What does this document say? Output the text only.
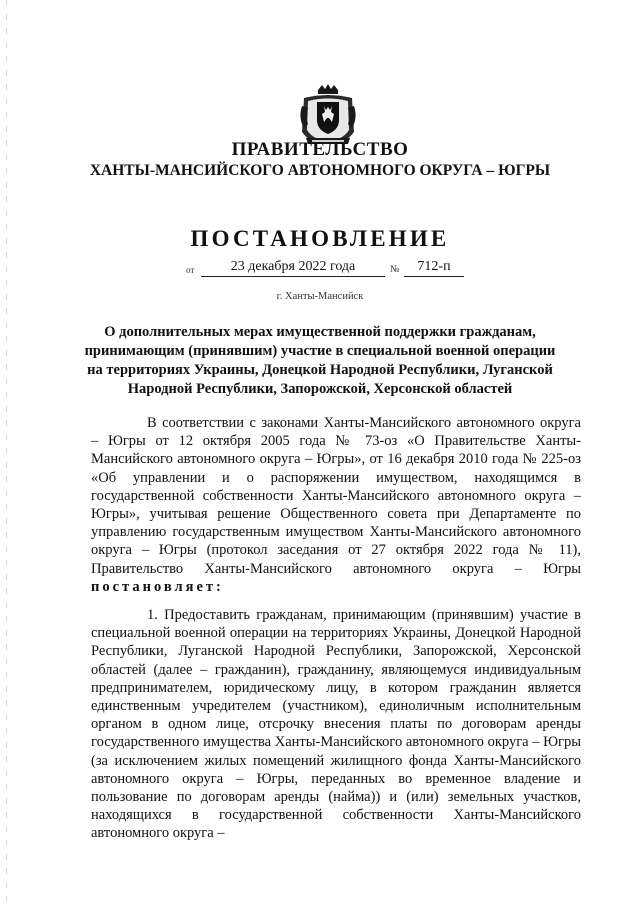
ПРАВИТЕЛЬСТВО
ХАНТЫ-МАНСИЙСКОГО АВТОНОМНОГО ОКРУГА – ЮГРЫ
ПОСТАНОВЛЕНИЕ
от	23 декабря 2022 года	№	712-п
г. Ханты-Мансийск
О дополнительных мерах имущественной поддержки гражданам, принимающим (принявшим) участие в специальной военной операции на территориях Украины, Донецкой Народной Республики, Луганской Народной Республики, Запорожской, Херсонской областей
В соответствии с законами Ханты-Мансийского автономного округа – Югры от 12 октября 2005 года № 73-оз «О Правительстве Ханты-Мансийского автономного округа – Югры», от 16 декабря 2010 года № 225-оз «Об управлении и о распоряжении имуществом, находящимся в государственной собственности Ханты-Мансийского автономного округа – Югры», учитывая решение Общественного совета при Департаменте по управлению государственным имуществом Ханты-Мансийского автономного округа – Югры (протокол заседания от 27 октября 2022 года № 11), Правительство Ханты-Мансийского автономного округа – Югры постановляет:
1. Предоставить гражданам, принимающим (принявшим) участие в специальной военной операции на территориях Украины, Донецкой Народной Республики, Луганской Народной Республики, Запорожской, Херсонской областей (далее – гражданин), гражданину, являющемуся индивидуальным предпринимателем, юридическому лицу, в котором гражданин является единственным учредителем (участником), единоличным исполнительным органом в одном лице, отсрочку внесения платы по договорам аренды государственного имущества Ханты-Мансийского автономного округа – Югры (за исключением жилых помещений жилищного фонда Ханты-Мансийского автономного округа – Югры, переданных во временное владение и пользование по договорам аренды (найма)) и (или) земельных участков, находящихся в государственной собственности Ханты-Мансийского автономного округа –
